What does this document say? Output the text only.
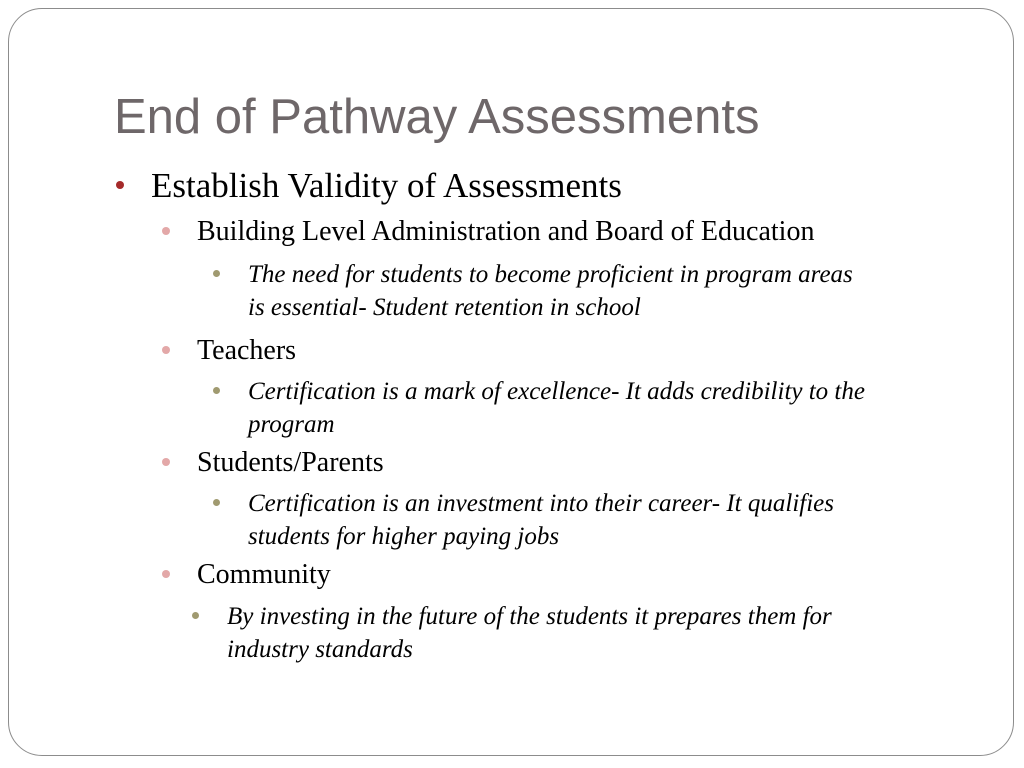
End of Pathway Assessments
Establish Validity of Assessments
Building Level Administration and Board of Education
The need for students to become proficient in program areas
is essential- Student retention in school
Teachers
Certification is a mark of excellence- It adds credibility to the
program
Students/Parents
Certification is an investment into their career- It qualifies
students for higher paying jobs
Community
By investing in the future of the students it prepares them for
industry standards
